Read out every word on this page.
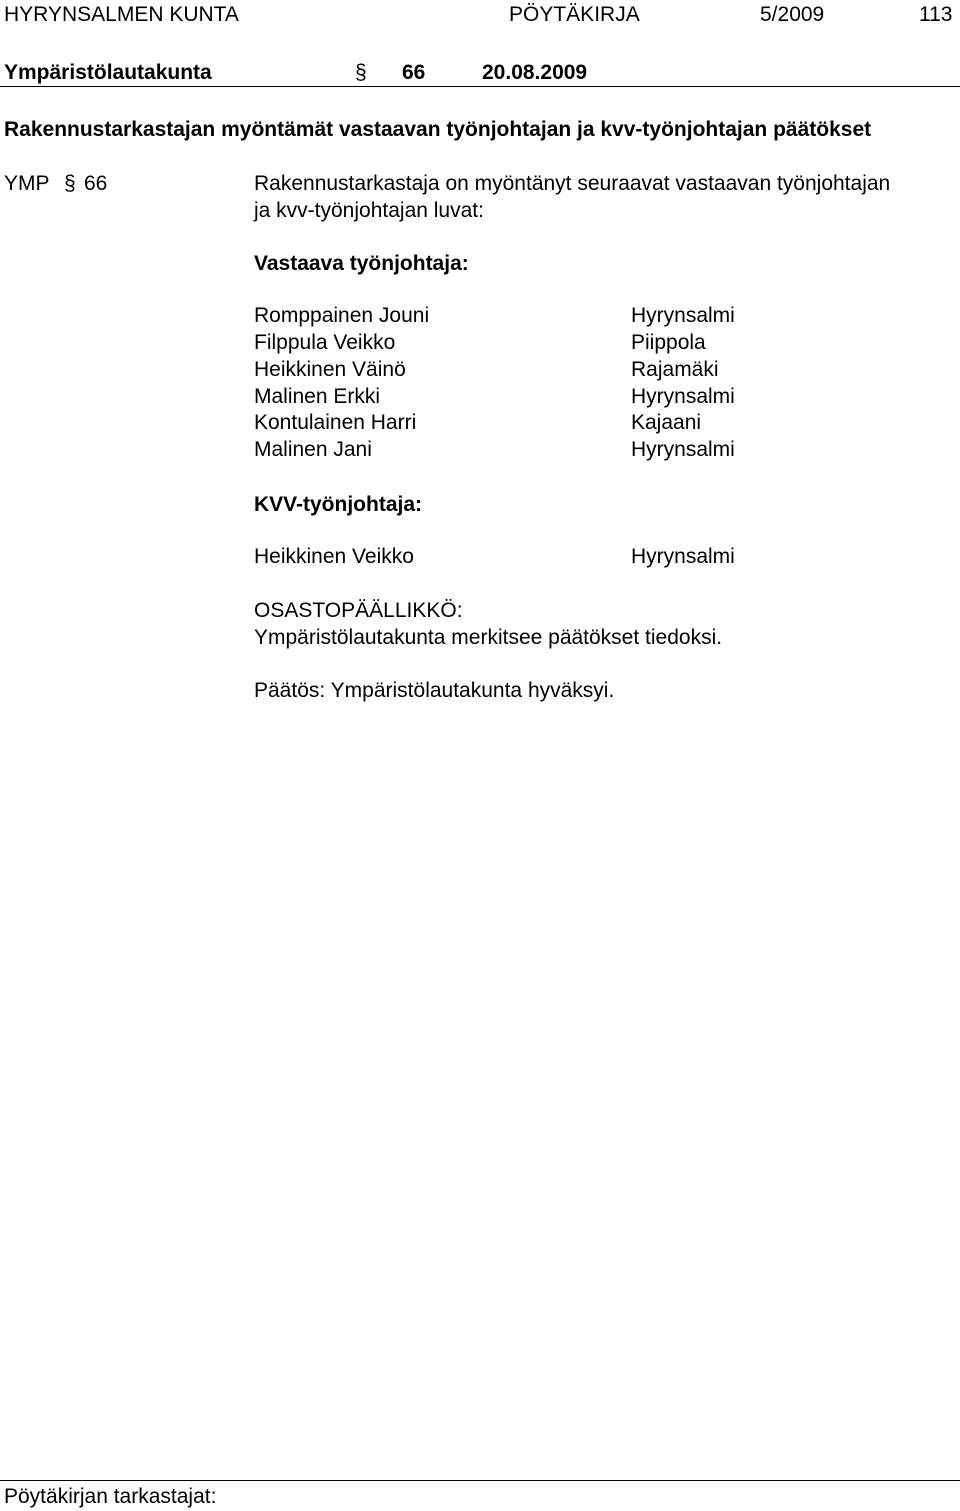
HYRYNSALMEN KUNTA	PÖYTÄKIRJA	5/2009	113
Ympäristölautakunta	§ 66	20.08.2009
Rakennustarkastajan myöntämät vastaavan työnjohtajan ja kvv-työnjohtajan päätökset
YMP § 66	Rakennustarkastaja on myöntänyt seuraavat vastaavan työnjohtajan
ja kvv-työnjohtajan luvat:
Vastaava työnjohtaja:
Romppainen Jouni	Hyrynsalmi
Filppula Veikko	Piippola
Heikkinen Väinö	Rajamäki
Malinen Erkki	Hyrynsalmi
Kontulainen Harri	Kajaani
Malinen Jani	Hyrynsalmi
KVV-työnjohtaja:
Heikkinen Veikko	Hyrynsalmi
OSASTOPÄÄLLIKKÖ:
Ympäristölautakunta merkitsee päätökset tiedoksi.
Päätös: Ympäristölautakunta hyväksyi.
Pöytäkirjan tarkastajat:
